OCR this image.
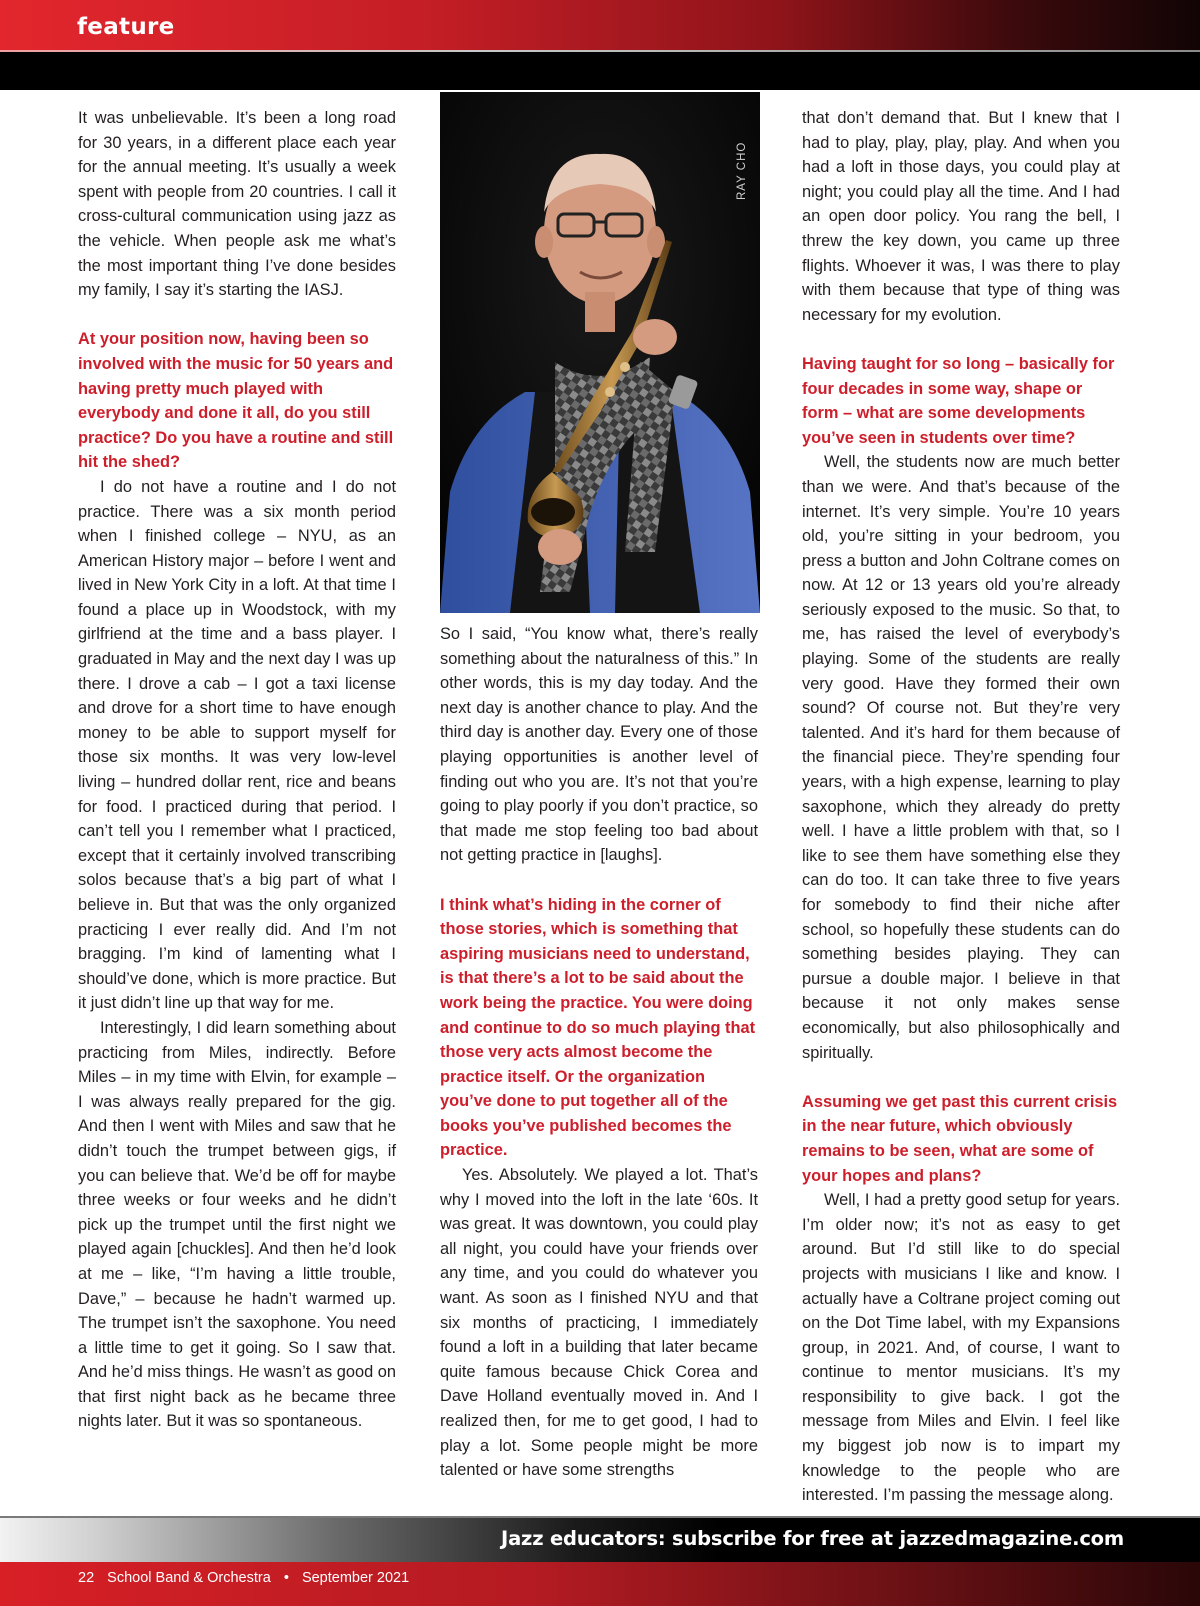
feature

It was unbelievable. It’s been a long road for 30 years, in a different place each year for the annual meeting. It’s usually a week spent with people from 20 countries. I call it cross-cultural communication using jazz as the vehicle. When people ask me what’s the most important thing I’ve done besides my family, I say it’s starting the IASJ.

At your position now, having been so involved with the music for 50 years and having pretty much played with everybody and done it all, do you still practice? Do you have a routine and still hit the shed?

I do not have a routine and I do not practice. There was a six month period when I finished college – NYU, as an American History major – before I went and lived in New York City in a loft. At that time I found a place up in Woodstock, with my girlfriend at the time and a bass player. I graduated in May and the next day I was up there. I drove a cab – I got a taxi license and drove for a short time to have enough money to be able to support myself for those six months. It was very low-level living – hundred dollar rent, rice and beans for food. I practiced during that period. I can’t tell you I remember what I practiced, except that it certainly involved transcribing solos because that’s a big part of what I believe in. But that was the only organized practicing I ever really did. And I’m not bragging. I’m kind of lamenting what I should’ve done, which is more practice. But it just didn’t line up that way for me.

Interestingly, I did learn something about practicing from Miles, indirectly. Before Miles – in my time with Elvin, for example – I was always really prepared for the gig. And then I went with Miles and saw that he didn’t touch the trumpet between gigs, if you can believe that. We’d be off for maybe three weeks or four weeks and he didn’t pick up the trumpet until the first night we played again [chuckles]. And then he’d look at me – like, “I’m having a little trouble, Dave,” – because he hadn’t warmed up. The trumpet isn’t the saxophone. You need a little time to get it going. So I saw that. And he’d miss things. He wasn’t as good on that first night back as he became three nights later. But it was so spontaneous.

RAY CHO

So I said, “You know what, there’s really something about the naturalness of this.” In other words, this is my day today. And the next day is another chance to play. And the third day is another day. Every one of those playing opportunities is another level of finding out who you are. It’s not that you’re going to play poorly if you don’t practice, so that made me stop feeling too bad about not getting practice in [laughs].

I think what’s hiding in the corner of those stories, which is something that aspiring musicians need to understand, is that there’s a lot to be said about the work being the practice. You were doing and continue to do so much playing that those very acts almost become the practice itself. Or the organization you’ve done to put together all of the books you’ve published becomes the practice.

Yes. Absolutely. We played a lot. That’s why I moved into the loft in the late ‘60s. It was great. It was downtown, you could play all night, you could have your friends over any time, and you could do whatever you want. As soon as I finished NYU and that six months of practicing, I immediately found a loft in a building that later became quite famous because Chick Corea and Dave Holland eventually moved in. And I realized then, for me to get good, I had to play a lot. Some people might be more talented or have some strengths

that don’t demand that. But I knew that I had to play, play, play, play. And when you had a loft in those days, you could play at night; you could play all the time. And I had an open door policy. You rang the bell, I threw the key down, you came up three flights. Whoever it was, I was there to play with them because that type of thing was necessary for my evolution.

Having taught for so long – basically for four decades in some way, shape or form – what are some developments you’ve seen in students over time?

Well, the students now are much better than we were. And that’s because of the internet. It’s very simple. You’re 10 years old, you’re sitting in your bedroom, you press a button and John Coltrane comes on now. At 12 or 13 years old you’re already seriously exposed to the music. So that, to me, has raised the level of everybody’s playing. Some of the students are really very good. Have they formed their own sound? Of course not. But they’re very talented. And it’s hard for them because of the financial piece. They’re spending four years, with a high expense, learning to play saxophone, which they already do pretty well. I have a little problem with that, so I like to see them have something else they can do too. It can take three to five years for somebody to find their niche after school, so hopefully these students can do something besides playing. They can pursue a double major. I believe in that because it not only makes sense economically, but also philosophically and spiritually.

Assuming we get past this current crisis in the near future, which obviously remains to be seen, what are some of your hopes and plans?

Well, I had a pretty good setup for years. I’m older now; it’s not as easy to get around. But I’d still like to do special projects with musicians I like and know. I actually have a Coltrane project coming out on the Dot Time label, with my Expansions group, in 2021. And, of course, I want to continue to mentor musicians. It’s my responsibility to give back. I got the message from Miles and Elvin. I feel like my biggest job now is to impart my knowledge to the people who are interested. I’m passing the message along.

Jazz educators: subscribe for free at jazzedmagazine.com
22 School Band & Orchestra • September 2021
